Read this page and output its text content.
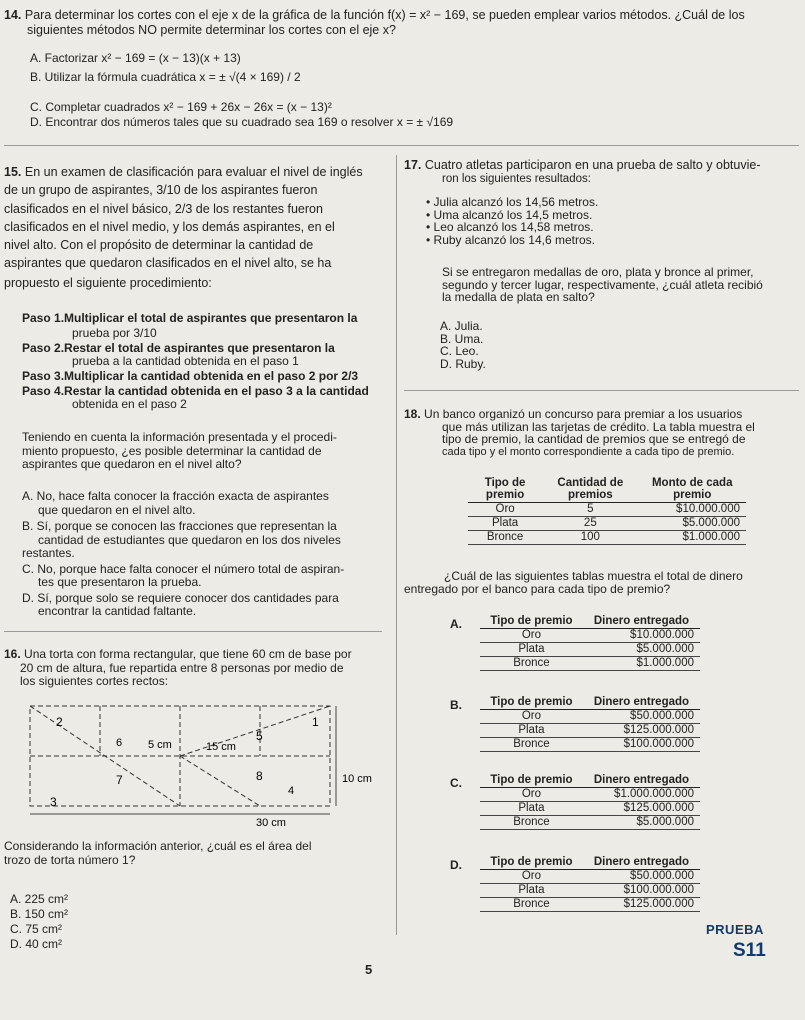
14. Para determinar los cortes con el eje x de la gráfica de la función f(x) = x² − 169, se pueden emplear varios métodos. ¿Cuál de los
siguientes métodos NO permite determinar los cortes con el eje x?
A. Factorizar x² − 169 = (x − 13)(x + 13)
B. Utilizar la fórmula cuadrática x = ± √(4 × 169) / 2
C. Completar cuadrados x² − 169 + 26x − 26x = (x − 13)²
D. Encontrar dos números tales que su cuadrado sea 169 o resolver x = ± √169
15. En un examen de clasificación para evaluar el nivel de inglés
de un grupo de aspirantes, 3/10 de los aspirantes fueron
clasificados en el nivel básico, 2/3 de los restantes fueron
clasificados en el nivel medio, y los demás aspirantes, en el
nivel alto. Con el propósito de determinar la cantidad de
aspirantes que quedaron clasificados en el nivel alto, se ha
propuesto el siguiente procedimiento:
Paso 1.Multiplicar el total de aspirantes que presentaron la
prueba por 3/10
Paso 2.Restar el total de aspirantes que presentaron la
prueba a la cantidad obtenida en el paso 1
Paso 3.Multiplicar la cantidad obtenida en el paso 2 por 2/3
Paso 4.Restar la cantidad obtenida en el paso 3 a la cantidad
obtenida en el paso 2
Teniendo en cuenta la información presentada y el procedi-
miento propuesto, ¿es posible determinar la cantidad de
aspirantes que quedaron en el nivel alto?
A. No, hace falta conocer la fracción exacta de aspirantes
que quedaron en el nivel alto.
B. Sí, porque se conocen las fracciones que representan la
cantidad de estudiantes que quedaron en los dos niveles
restantes.
C. No, porque hace falta conocer el número total de aspiran-
tes que presentaron la prueba.
D. Sí, porque solo se requiere conocer dos cantidades para
encontrar la cantidad faltante.
16. Una torta con forma rectangular, que tiene 60 cm de base por
20 cm de altura, fue repartida entre 8 personas por medio de
los siguientes cortes rectos:
2	1
6 5 cm	15 cm
5
7	8
4
3
10 cm
30 cm
Considerando la información anterior, ¿cuál es el área del
trozo de torta número 1?
A. 225 cm²
B. 150 cm²
C. 75 cm²
D. 40 cm²
5
17. Cuatro atletas participaron en una prueba de salto y obtuvie-
ron los siguientes resultados:
• Julia alcanzó los 14,56 metros.
• Uma alcanzó los 14,5 metros.
• Leo alcanzó los 14,58 metros.
• Ruby alcanzó los 14,6 metros.
Si se entregaron medallas de oro, plata y bronce al primer,
segundo y tercer lugar, respectivamente, ¿cuál atleta recibió
la medalla de plata en salto?
A. Julia.
B. Uma.
C. Leo.
D. Ruby.
18. Un banco organizó un concurso para premiar a los usuarios
que más utilizan las tarjetas de crédito. La tabla muestra el
tipo de premio, la cantidad de premios que se entregó de
cada tipo y el monto correspondiente a cada tipo de premio.
Tipo de premio	Cantidad de premios	Monto de cada premio
Oro	5	$10.000.000
Plata	25	$5.000.000
Bronce	100	$1.000.000
¿Cuál de las siguientes tablas muestra el total de dinero
entregado por el banco para cada tipo de premio?
A. Tipo de premio	Dinero entregado
Oro	$10.000.000
Plata	$5.000.000
Bronce	$1.000.000
B. Tipo de premio	Dinero entregado
Oro	$50.000.000
Plata	$125.000.000
Bronce	$100.000.000
C. Tipo de premio	Dinero entregado
Oro	$1.000.000.000
Plata	$125.000.000
Bronce	$5.000.000
D. Tipo de premio	Dinero entregado
Oro	$50.000.000
Plata	$100.000.000
Bronce	$125.000.000
PRUEBA
S11
